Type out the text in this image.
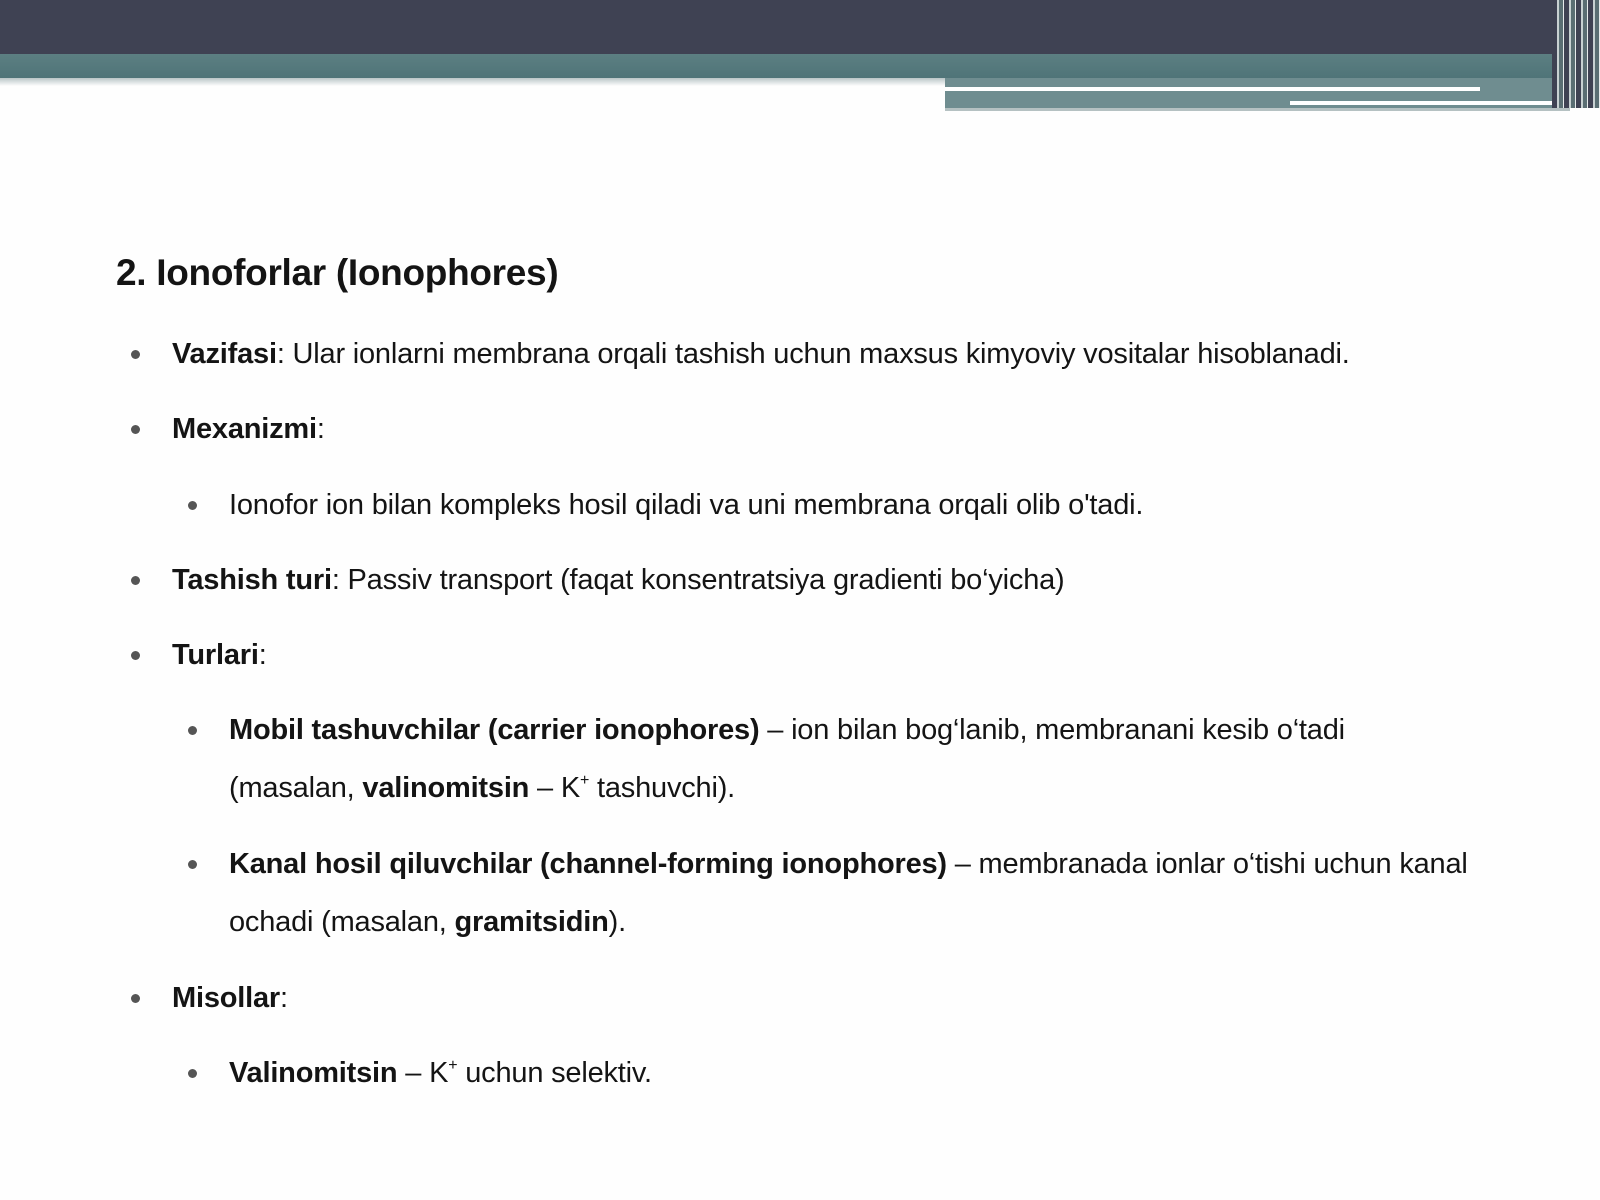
2. Ionoforlar (Ionophores)
Vazifasi: Ular ionlarni membrana orqali tashish uchun maxsus kimyoviy vositalar hisoblanadi.
Mexanizmi:
Ionofor ion bilan kompleks hosil qiladi va uni membrana orqali olib o'tadi.
Tashish turi: Passiv transport (faqat konsentratsiya gradienti bo‘yicha)
Turlari:
Mobil tashuvchilar (carrier ionophores) – ion bilan bog‘lanib, membranani kesib o‘tadi (masalan, valinomitsin – K+ tashuvchi).
Kanal hosil qiluvchilar (channel-forming ionophores) – membranada ionlar o‘tishi uchun kanal ochadi (masalan, gramitsidin).
Misollar:
Valinomitsin – K+ uchun selektiv.
